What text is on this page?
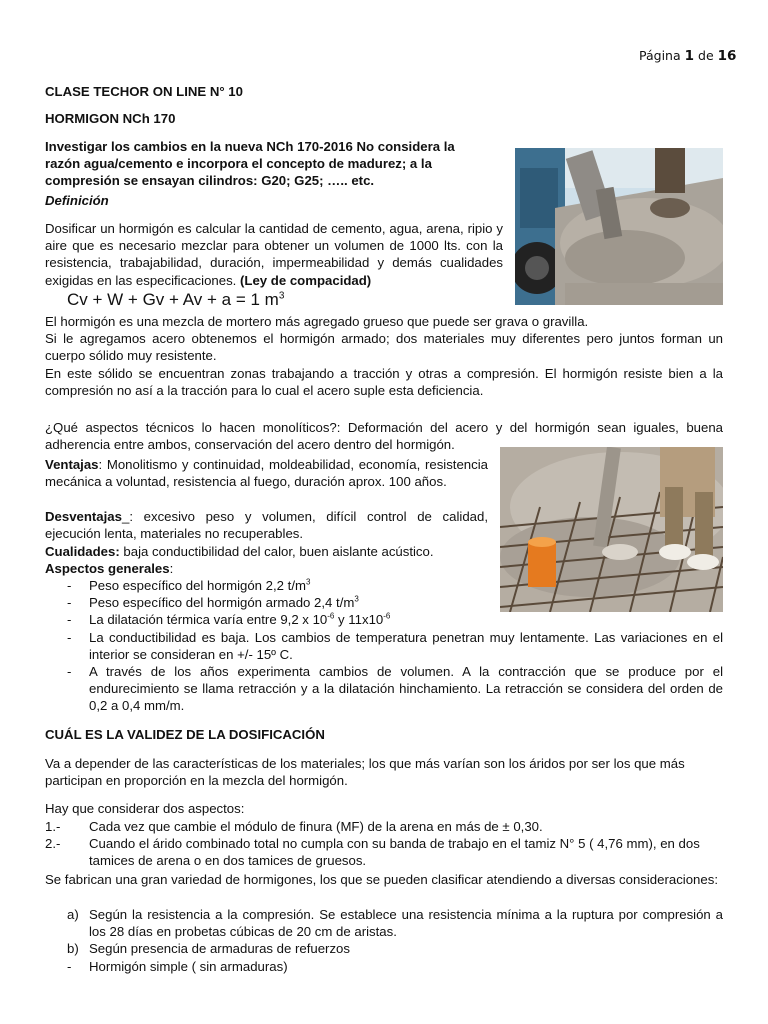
Página 1 de 16
CLASE TECHOR ON LINE N° 10
HORMIGON NCh 170
Investigar los cambios en la nueva NCh 170-2016 No considera la razón agua/cemento e incorpora el concepto de madurez; a la compresión se ensayan cilindros: G20; G25; ….. etc.
Definición
Dosificar un hormigón es calcular la cantidad de cemento, agua, arena, ripio y aire que es necesario mezclar para obtener un volumen de 1000 lts. con la resistencia, trabajabilidad, duración, impermeabilidad y demás cualidades exigidas en las especificaciones. (Ley de compacidad)
Cv + W + Gv + Av + a = 1 $m^3$
El hormigón es una mezcla de mortero más agregado grueso que puede ser grava o gravilla.
Si le agregamos acero obtenemos el hormigón armado; dos materiales muy diferentes pero juntos forman un cuerpo sólido muy resistente.
En este sólido se encuentran zonas trabajando a tracción y otras a compresión. El hormigón resiste bien a la compresión no así a la tracción para lo cual el acero suple esta deficiencia.
¿Qué aspectos técnicos lo hacen monolíticos?: Deformación del acero y del hormigón sean iguales, buena adherencia entre ambos, conservación del acero dentro del hormigón.
Ventajas: Monolitismo y continuidad, moldeabilidad, economía, resistencia mecánica a voluntad, resistencia al fuego, duración aprox. 100 años.
Desventajas_: excesivo peso y volumen, difícil control de calidad, ejecución lenta, materiales no recuperables.
Cualidades: baja conductibilidad del calor, buen aislante acústico.
Aspectos generales:
- Peso específico del hormigón 2,2 $t/m^3$
- Peso específico del hormigón armado 2,4 $t/m^3$
- La dilatación térmica varía entre 9,2 x $10^{-6}$ y $11x10^{-6}$
- La conductibilidad es baja. Los cambios de temperatura penetran muy lentamente. Las variaciones en el interior se consideran en +/- 15º C.
- A través de los años experimenta cambios de volumen. A la contracción que se produce por el endurecimiento se llama retracción y a la dilatación hinchamiento. La retracción se considera del orden de 0,2 a 0,4 mm/m.
CUÁL ES LA VALIDEZ DE LA DOSIFICACIÓN
Va a depender de las características de los materiales; los que más varían son los áridos por ser los que más participan en proporción en la mezcla del hormigón.
Hay que considerar dos aspectos:
1.- Cada vez que cambie el módulo de finura (MF) de la arena en más de ± 0,30.
2.- Cuando el árido combinado total no cumpla con su banda de trabajo en el tamiz N° 5 ( 4,76 mm), en dos tamices de arena o en dos tamices de gruesos.
Se fabrican una gran variedad de hormigones, los que se pueden clasificar atendiendo a diversas consideraciones:
a) Según la resistencia a la compresión. Se establece una resistencia mínima a la ruptura por compresión a los 28 días en probetas cúbicas de 20 cm de aristas.
b) Según presencia de armaduras de refuerzos
- Hormigón simple ( sin armaduras)
